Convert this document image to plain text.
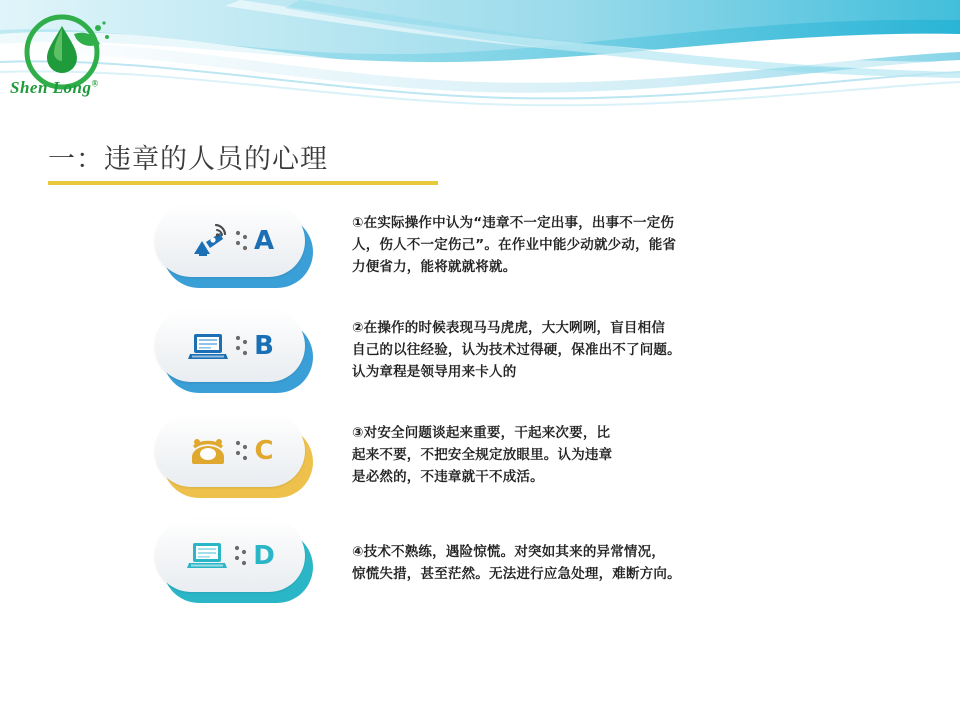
Shen Long®
一：违章的人员的心理
A

①在实际操作中认为“违章不一定出事，出事不一定伤

人，伤人不一定伤己”。在作业中能少动就少动，能省

力便省力，能将就就将就。

B

②在操作的时候表现马马虎虎，大大咧咧，盲目相信

自己的以往经验，认为技术过得硬，保准出不了问题。

认为章程是领导用来卡人的

C

③对安全问题谈起来重要，干起来次要，比

起来不要，不把安全规定放眼里。认为违章

是必然的，不违章就干不成活。

D	④技术不熟练，遇险惊慌。对突如其来的异常情况，

惊慌失措，甚至茫然。无法进行应急处理，难断方向。
